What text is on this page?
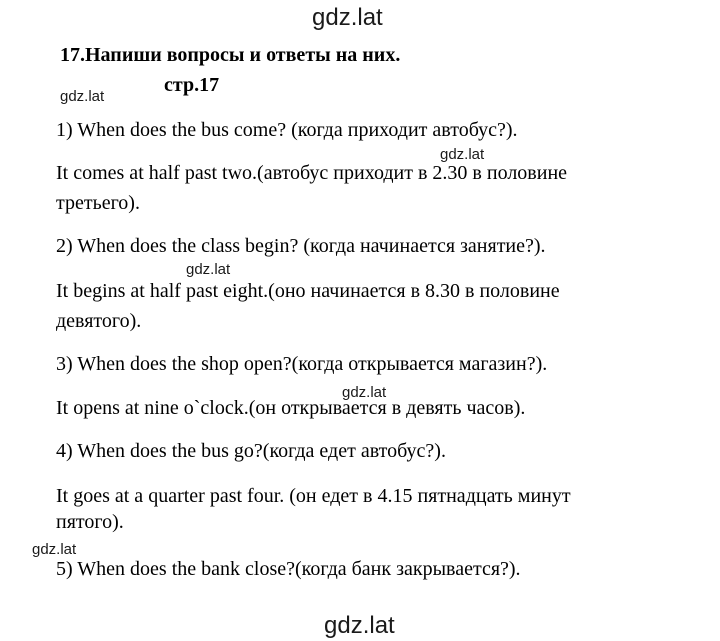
gdz.lat
17.Напиши вопросы и ответы на них.
gdz.lat
стр.17
1) When does the bus come? (когда приходит автобус?).
gdz.lat
It comes at half past two.(автобус приходит в 2.30 в половине
третьего).
2) When does the class begin? (когда начинается занятие?).
gdz.lat
It begins at half past eight.(оно начинается в 8.30 в половине
девятого).
3) When does the shop open?(когда открывается магазин?).
gdz.lat
It opens at nine o`clock.(он открывается в девять часов).
4) When does the bus go?(когда едет автобус?).
It goes at a quarter past four. (он едет в 4.15 пятнадцать минут
пятого).
gdz.lat
5) When does the bank close?(когда банк закрывается?).
gdz.lat
